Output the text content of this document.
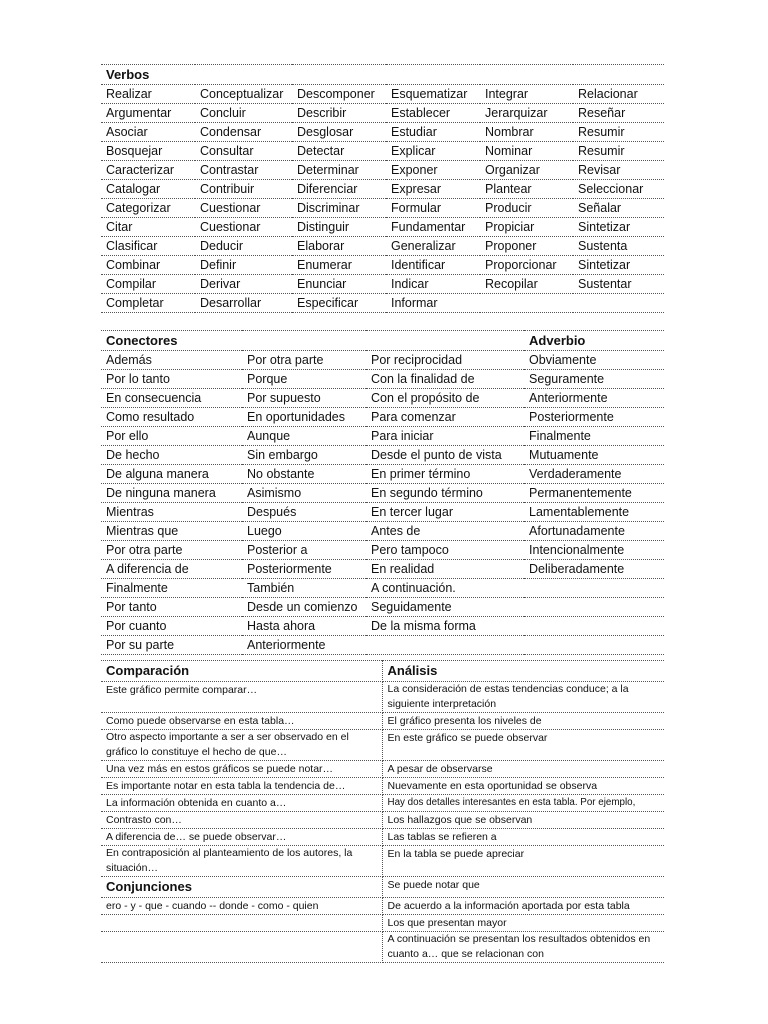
Verbos					
Realizar	Conceptualizar	Descomponer	Esquematizar	Integrar	Relacionar
Argumentar	Concluir	Describir	Establecer	Jerarquizar	Reseñar
Asociar	Condensar	Desglosar	Estudiar	Nombrar	Resumir
Bosquejar	Consultar	Detectar	Explicar	Nominar	Resumir
Caracterizar	Contrastar	Determinar	Exponer	Organizar	Revisar
Catalogar	Contribuir	Diferenciar	Expresar	Plantear	Seleccionar
Categorizar	Cuestionar	Discriminar	Formular	Producir	Señalar
Citar	Cuestionar	Distinguir	Fundamentar	Propiciar	Sintetizar
Clasificar	Deducir	Elaborar	Generalizar	Proponer	Sustenta
Combinar	Definir	Enumerar	Identificar	Proporcionar	Sintetizar
Compilar	Derivar	Enunciar	Indicar	Recopilar	Sustentar
Completar	Desarrollar	Especificar	Informar		
Conectores			Adverbio
Además	Por otra parte	Por reciprocidad	Obviamente
Por lo tanto	Porque	Con la finalidad de	Seguramente
En consecuencia	Por supuesto	Con el propósito de	Anteriormente
Como resultado	En oportunidades	Para comenzar	Posteriormente
Por ello	Aunque	Para iniciar	Finalmente
De hecho	Sin embargo	Desde el punto de vista	Mutuamente
De alguna manera	No obstante	En primer término	Verdaderamente
De ninguna manera	Asimismo	En segundo término	Permanentemente
Mientras	Después	En tercer lugar	Lamentablemente
Mientras que	Luego	Antes de	Afortunadamente
Por otra parte	Posterior a	Pero tampoco	Intencionalmente
A diferencia de	Posteriormente	En realidad	Deliberadamente
Finalmente	También	A continuación.	
Por tanto	Desde un comienzo	Seguidamente	
Por cuanto	Hasta ahora	De la misma forma	
Por su parte	Anteriormente		
Comparación	Análisis
Este gráfico permite comparar…	La consideración de estas tendencias conduce; a la siguiente interpretación
Como puede observarse en esta tabla…	El gráfico presenta los niveles de
Otro aspecto importante a ser a ser observado en el gráfico lo constituye el hecho de que…	En este gráfico se puede observar
Una vez más en estos gráficos se puede notar…	A pesar de observarse
Es importante notar en esta tabla la tendencia de…	Nuevamente en esta oportunidad se observa
La información obtenida en cuanto a…	Hay dos detalles interesantes en esta tabla. Por ejemplo,
Contrasto con…	Los hallazgos que se observan
A diferencia de… se puede observar…	Las tablas se refieren a
En contraposición al planteamiento de los autores, la situación…	En la tabla se puede apreciar
Conjunciones	Se puede notar que
ero - y - que - cuando -- donde - como - quien	De acuerdo a la información aportada por esta tabla
	Los que presentan mayor
	A continuación se presentan los resultados obtenidos en cuanto a… que se relacionan con
